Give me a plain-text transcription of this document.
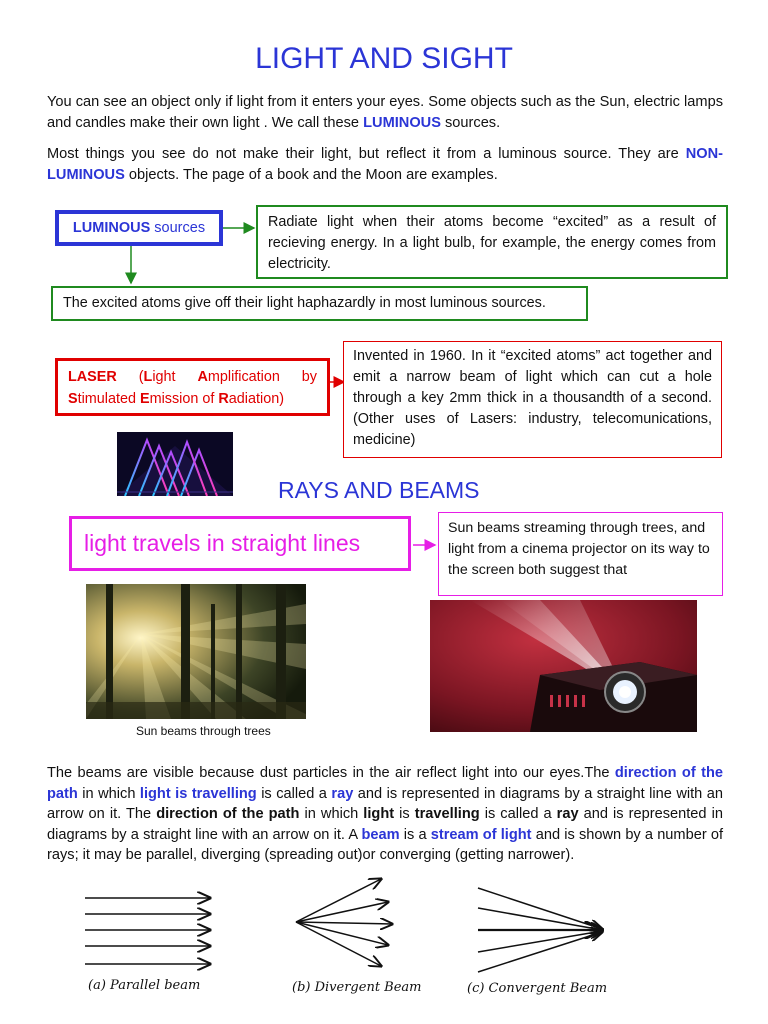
LIGHT AND SIGHT

You can see an object only if light from it enters your eyes. Some objects such as the Sun, electric lamps and candles make their own light . We call these LUMINOUS sources.

Most things you see do not make their light, but reflect it from a luminous source. They are NON-LUMINOUS objects. The page of a book and the Moon are examples.

LUMINOUS sources	Radiate light when their atoms become “excited” as a result of recieving energy. In a light bulb, for example, the energy comes from electricity.
The excited atoms give off their light haphazardly in most luminous sources.
LASER (Light Amplification by Stimulated Emission of Radiation)
Invented in 1960. In it “excited atoms” act together and emit a narrow beam of light which can cut a hole through a key 2mm thick in a thousandth of a second. (Other uses of Lasers: industry, telecomunications, medicine)
RAYS AND BEAMS
light travels in straight lines
Sun beams streaming through trees, and light from a cinema projector on its way to the screen both suggest that
Sun beams through trees

The beams are visible because dust particles in the air reflect light into our eyes.The direction of the path in which light is travelling is called a ray and is represented in diagrams by a straight line with an arrow on it. The direction of the path in which light is travelling is called a ray and is represented in diagrams by a straight line with an arrow on it. A beam is a stream of light and is shown by a number of rays; it may be parallel, diverging (spreading out)or converging (getting narrower).

(a) Parallel beam	(b) Divergent Beam	(c) Convergent Beam
